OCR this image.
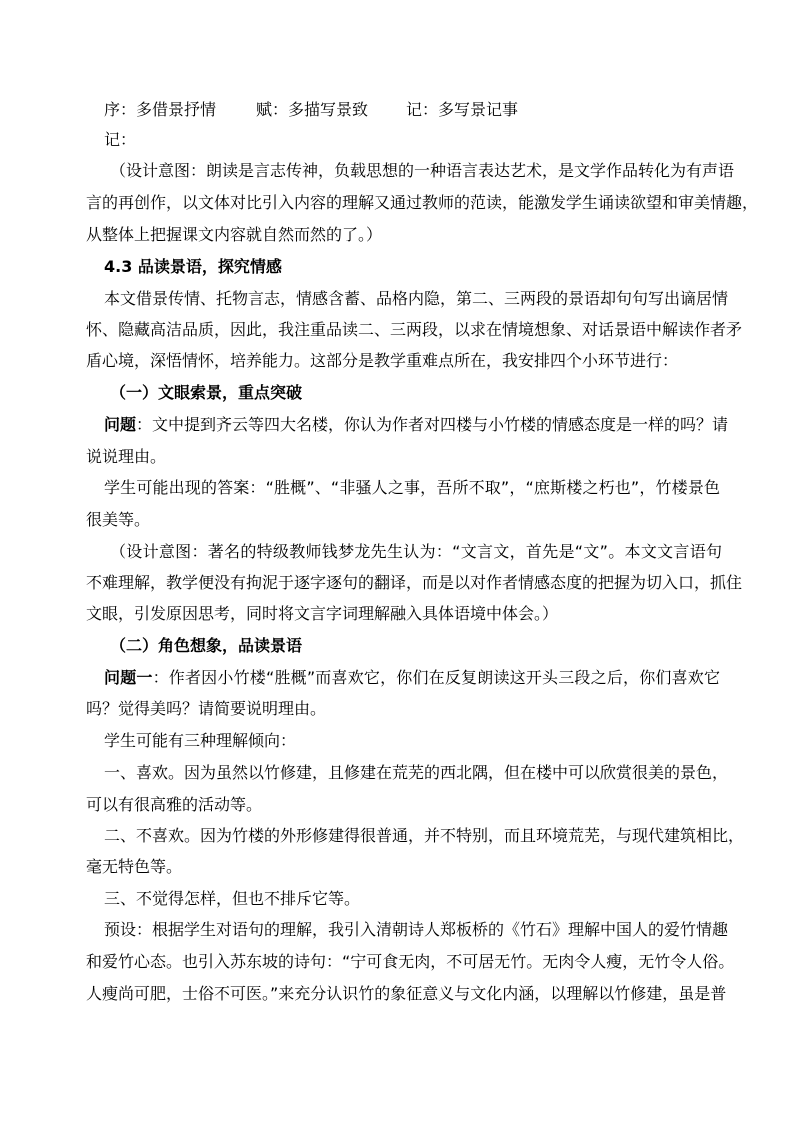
序：多借景抒情	赋：多描写景致 记：多写景记事
记：
（设计意图：朗读是言志传神，负载思想的一种语言表达艺术，是文学作品转化为有声语
言的再创作，以文体对比引入内容的理解又通过教师的范读，能激发学生诵读欲望和审美情趣，
从整体上把握课文内容就自然而然的了。）
4.3 品读景语，探究情感
本文借景传情、托物言志，情感含蓄、品格内隐，第二、三两段的景语却句句写出谪居情
怀、隐藏高洁品质，因此，我注重品读二、三两段，以求在情境想象、对话景语中解读作者矛
盾心境，深悟情怀，培养能力。这部分是教学重难点所在，我安排四个小环节进行：
（一）文眼索景，重点突破
问题：文中提到齐云等四大名楼，你认为作者对四楼与小竹楼的情感态度是一样的吗？请
说说理由。
学生可能出现的答案：“胜概”、“非骚人之事，吾所不取”，“庶斯楼之朽也”，竹楼景色
很美等。
（设计意图：著名的特级教师钱梦龙先生认为：“文言文，首先是“文”。本文文言语句
不难理解，教学便没有拘泥于逐字逐句的翻译，而是以对作者情感态度的把握为切入口，抓住
文眼，引发原因思考，同时将文言字词理解融入具体语境中体会。）
（二）角色想象，品读景语
问题一：作者因小竹楼“胜概”而喜欢它，你们在反复朗读这开头三段之后，你们喜欢它
吗？觉得美吗？请简要说明理由。
学生可能有三种理解倾向：
一、喜欢。因为虽然以竹修建，且修建在荒芜的西北隅，但在楼中可以欣赏很美的景色，
可以有很高雅的活动等。
二、不喜欢。因为竹楼的外形修建得很普通，并不特别，而且环境荒芜，与现代建筑相比，
毫无特色等。
三、不觉得怎样，但也不排斥它等。
预设：根据学生对语句的理解，我引入清朝诗人郑板桥的《竹石》理解中国人的爱竹情趣
和爱竹心态。也引入苏东坡的诗句：“宁可食无肉，不可居无竹。无肉令人瘦，无竹令人俗。
人瘦尚可肥，士俗不可医。”来充分认识竹的象征意义与文化内涵，以理解以竹修建，虽是普
